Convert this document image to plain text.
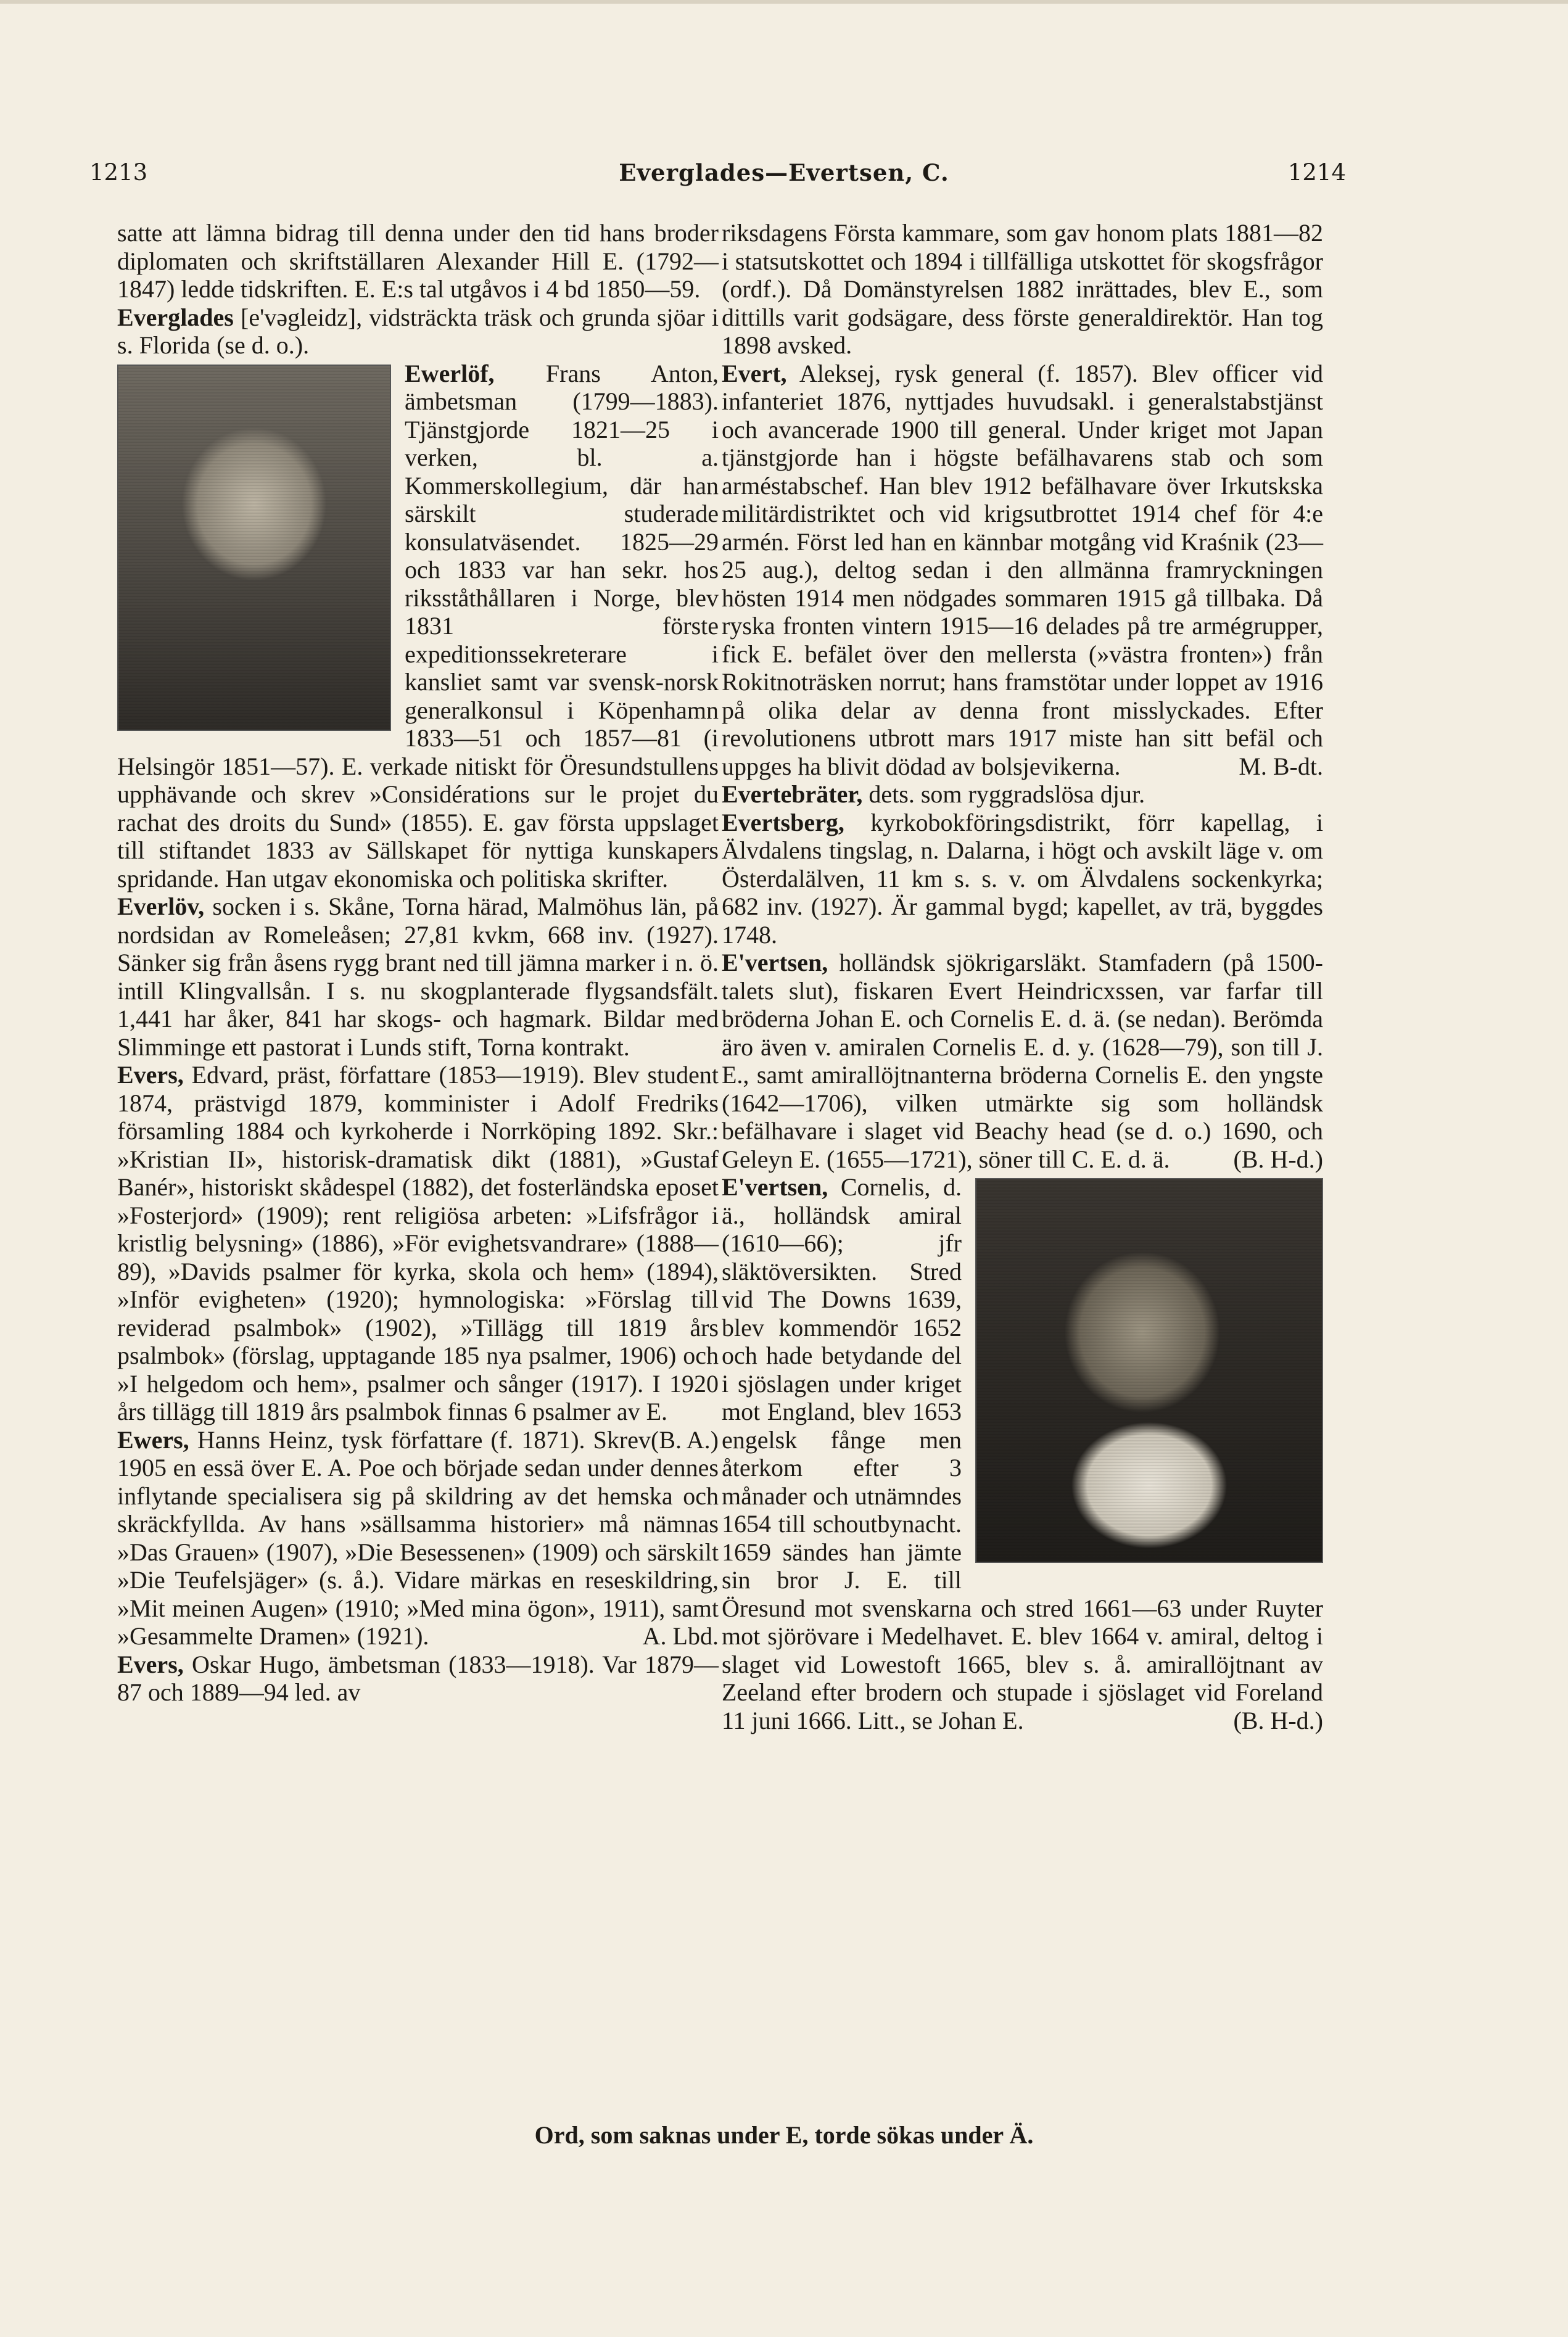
1213	Everglades—Evertsen, C.	1214

satte att lämna bidrag till denna under den tid hans broder diplomaten och skriftställaren Alexander Hill E. (1792—1847) ledde tidskriften. E. E:s tal utgåvos i 4 bd 1850—59.

Everglades [e'vəgleidz], vidsträckta träsk och grunda sjöar i s. Florida (se d. o.).

Ewerlöf,
Frans Anton, ämbetsman (1799—1883). Tjänstgjorde 1821—25 i verken, bl. a. Kommerskollegium, där han särskilt studerade konsulatväsendet. 1825—29 och 1833 var han sekr. hos riksståthållaren i Norge, blev 1831 förste expeditionssekreterare i kansliet samt var svensk-norsk generalkonsul i Köpenhamn 1833—51 och 1857—81 (i Helsingör 1851—57). E. verkade nitiskt för Öresundstullens upphävande och skrev »Considérations sur le projet du rachat des droits du Sund» (1855). E. gav första uppslaget till stiftandet 1833 av Sällskapet för nyttiga kunskapers spridande. Han utgav ekonomiska och politiska skrifter.

Everlöv, socken i s. Skåne, Torna härad, Malmöhus län, på nordsidan av Romeleåsen; 27,81 kvkm, 668 inv. (1927). Sänker sig från åsens rygg brant ned till jämna marker i n. ö. intill Klingvallsån. I s. nu skogplanterade flygsandsfält. 1,441 har åker, 841 har skogs- och hagmark. Bildar med Slimminge ett pastorat i Lunds stift, Torna kontrakt.

Evers, Edvard, präst, författare (1853—1919). Blev student 1874, prästvigd 1879, komminister i Adolf Fredriks församling 1884 och kyrkoherde i Norrköping 1892. Skr.: »Kristian II», historisk-dramatisk dikt (1881), »Gustaf Banér», historiskt skådespel (1882), det fosterländska eposet »Fosterjord» (1909); rent religiösa arbeten: »Lifsfrågor i kristlig belysning» (1886), »För evighetsvandrare» (1888—89), »Davids psalmer för kyrka, skola och hem» (1894), »Inför evigheten» (1920); hymnologiska: »Förslag till reviderad psalmbok» (1902), »Tillägg till 1819 års psalmbok» (förslag, upptagande 185 nya psalmer, 1906) och »I helgedom och hem», psalmer och sånger (1917). I 1920 års tillägg till 1819 års psalmbok finnas 6 psalmer av E.
(B. A.)

Ewers, Hanns Heinz, tysk författare (f. 1871). Skrev 1905 en essä över E. A. Poe och började sedan under dennes inflytande specialisera sig på skildring av det hemska och skräckfyllda. Av hans »sällsamma historier» må nämnas »Das Grauen» (1907), »Die Besessenen» (1909) och särskilt »Die Teufelsjäger» (s. å.). Vidare märkas en reseskildring, »Mit meinen Augen» (1910; »Med mina ögon», 1911), samt »Gesammelte Dramen» (1921).	A. Lbd.

Evers, Oskar Hugo, ämbetsman (1833—1918). Var 1879—87 och 1889—94 led. av

riksdagens Första kammare, som gav honom plats 1881—82 i statsutskottet och 1894 i tillfälliga utskottet för skogsfrågor (ordf.). Då Domänstyrelsen 1882 inrättades, blev E., som dittills varit godsägare, dess förste generaldirektör. Han tog 1898 avsked.

Evert, Aleksej, rysk general (f. 1857). Blev officer vid infanteriet 1876, nyttjades huvudsakl. i generalstabstjänst och avancerade 1900 till general. Under kriget mot Japan tjänstgjorde han i högste befälhavarens stab och som arméstabschef. Han blev 1912 befälhavare över Irkutskska militärdistriktet och vid krigsutbrottet 1914 chef för 4:e armén. Först led han en kännbar motgång vid Kraśnik (23—25 aug.), deltog sedan i den allmänna framryckningen hösten 1914 men nödgades sommaren 1915 gå tillbaka. Då ryska fronten vintern 1915—16 delades på tre armégrupper, fick E. befälet över den mellersta (»västra fronten») från Rokitnoträsken norrut; hans framstötar under loppet av 1916 på olika delar av denna front misslyckades. Efter revolutionens utbrott mars 1917 miste han sitt befäl och uppges ha blivit dödad av bolsjevikerna.	M. B-dt.

Evertebräter, dets. som ryggradslösa djur.

Evertsberg, kyrkobokföringsdistrikt, förr kapellag, i Älvdalens tingslag, n. Dalarna, i högt och avskilt läge v. om Österdalälven, 11 km s. s. v. om Älvdalens sockenkyrka; 682 inv. (1927). Är gammal bygd; kapellet, av trä, byggdes 1748.

E'vertsen, holländsk sjökrigarsläkt. Stamfadern (på 1500-talets slut), fiskaren Evert Heindricxssen, var farfar till bröderna Johan E. och Cornelis E. d. ä. (se nedan). Berömda äro även v. amiralen Cornelis E. d. y. (1628—79), son till J. E., samt amirallöjtnanterna bröderna Cornelis E. den yngste (1642—1706), vilken utmärkte sig som holländsk befälhavare i slaget vid Beachy head (se d. o.) 1690, och Geleyn E. (1655—1721), söner till C. E. d. ä.	(B. H-d.)

E'vertsen,
Cornelis, d. ä., holländsk amiral (1610—66); jfr släktöversikten. Stred vid The Downs 1639, blev kommendör 1652 och hade betydande del i sjöslagen under kriget mot England, blev 1653 engelsk fånge men återkom efter 3 månader och utnämndes 1654 till schoutbynacht. 1659 sändes han jämte sin bror J. E. till Öresund mot svenskarna och stred 1661—63 under Ruyter mot sjörövare i Medelhavet. E. blev 1664 v. amiral, deltog i slaget vid Lowestoft 1665, blev s. å. amirallöjtnant av Zeeland efter brodern och stupade i sjöslaget vid Foreland 11 juni 1666. Litt., se Johan E.	(B. H-d.)

Ord, som saknas under E, torde sökas under Ä.
